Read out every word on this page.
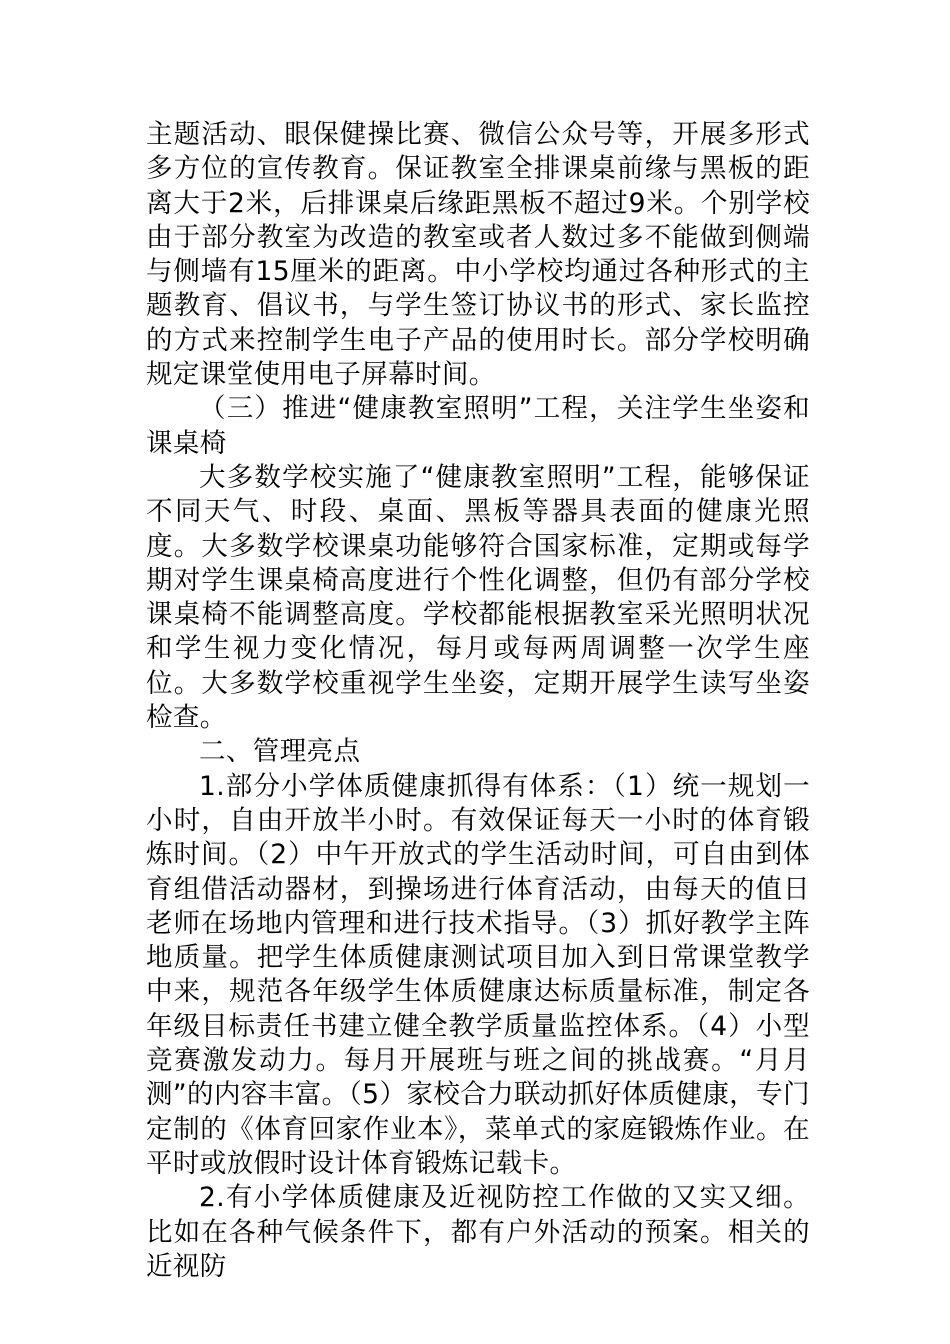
主题活动、眼保健操比赛、微信公众号等，开展多形式多方位的宣传教育。保证教室全排课桌前缘与黑板的距离大于2米，后排课桌后缘距黑板不超过9米。个别学校由于部分教室为改造的教室或者人数过多不能做到侧端与侧墙有15厘米的距离。中小学校均通过各种形式的主题教育、倡议书，与学生签订协议书的形式、家长监控的方式来控制学生电子产品的使用时长。部分学校明确规定课堂使用电子屏幕时间。

（三）推进“健康教室照明”工程，关注学生坐姿和课桌椅

大多数学校实施了“健康教室照明”工程，能够保证不同天气、时段、桌面、黑板等器具表面的健康光照度。大多数学校课桌功能够符合国家标准，定期或每学期对学生课桌椅高度进行个性化调整，但仍有部分学校课桌椅不能调整高度。学校都能根据教室采光照明状况和学生视力变化情况，每月或每两周调整一次学生座位。大多数学校重视学生坐姿，定期开展学生读写坐姿检查。

二、管理亮点

1.部分小学体质健康抓得有体系：（1）统一规划一小时，自由开放半小时。有效保证每天一小时的体育锻炼时间。（2）中午开放式的学生活动时间，可自由到体育组借活动器材，到操场进行体育活动，由每天的值日老师在场地内管理和进行技术指导。（3）抓好教学主阵地质量。把学生体质健康测试项目加入到日常课堂教学中来，规范各年级学生体质健康达标质量标准，制定各年级目标责任书建立健全教学质量监控体系。（4）小型竞赛激发动力。每月开展班与班之间的挑战赛。“月月测”的内容丰富。（5）家校合力联动抓好体质健康，专门定制的《体育回家作业本》，菜单式的家庭锻炼作业。在平时或放假时设计体育锻炼记载卡。

2.有小学体质健康及近视防控工作做的又实又细。比如在各种气候条件下，都有户外活动的预案。相关的近视防
